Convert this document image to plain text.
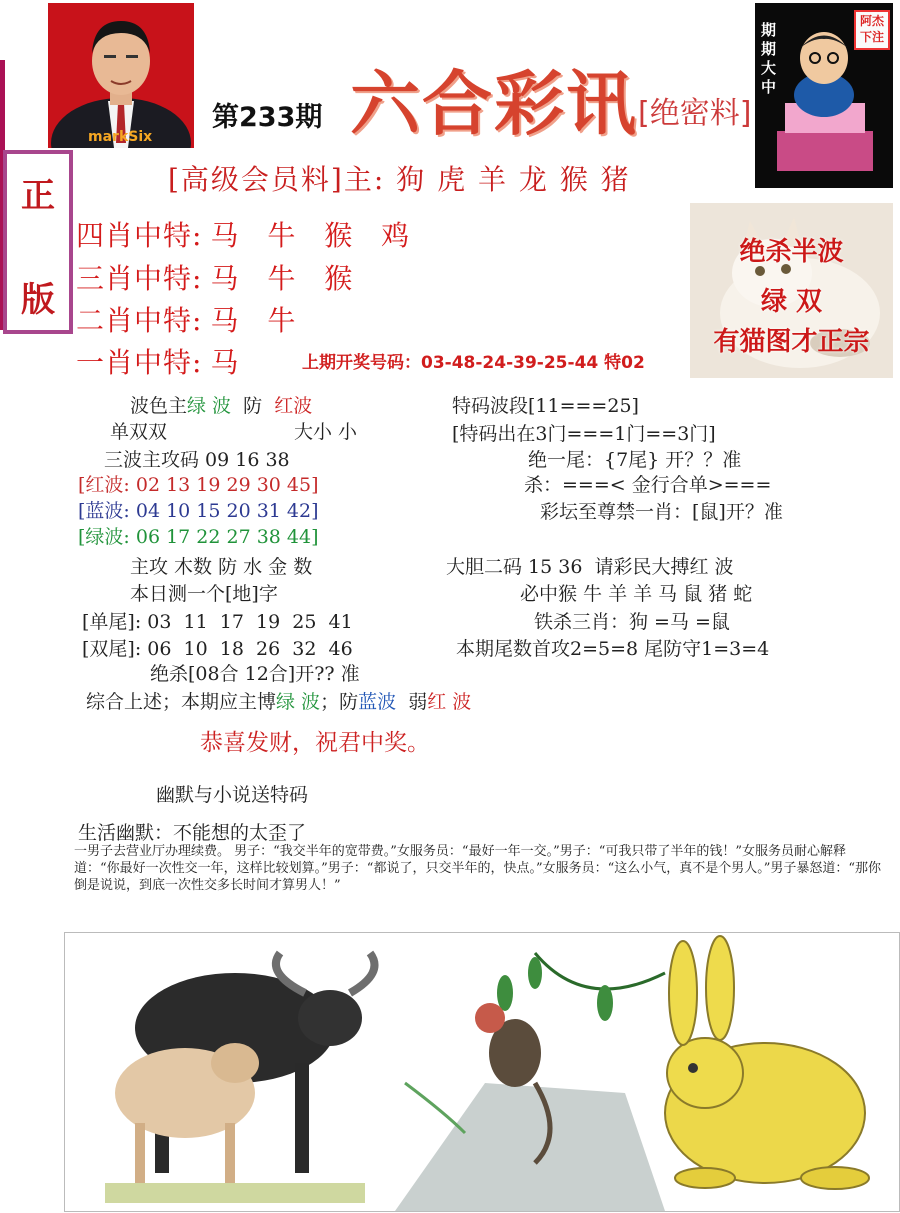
markSix
第233期 六合彩讯 [绝密料]
期期大中
阿杰下注
正
版
[高级会员料]主: 狗 虎 羊 龙 猴 猪
四肖中特: 马 牛 猴 鸡
三肖中特: 马 牛 猴
二肖中特: 马 牛
一肖中特: 马	上期开奖号码：03-48-24-39-25-44 特02
绝杀半波
绿 双
有猫图才正宗
波色主绿 波 防 红波
单双双	大小 小
三波主攻码 09 16 38
[红波: 02 13 19 29 30 45]
[蓝波: 04 10 15 20 31 42]
[绿波: 06 17 22 27 38 44]
主攻 木数 防 水 金 数
本日测一个[地]字
[单尾]: 03  11  17  19  25  41
[双尾]: 06  10  18  26  32  46
绝杀[08合 12合]开?? 准
特码波段[11===25]
[特码出在3门===1门==3门]
绝一尾：{7尾} 开？？准
杀：===< 金行合单>===
彩坛至尊禁一肖：[鼠]开？准
大胆二码 15 36  请彩民大搏红 波
必中猴 牛 羊 羊 马 鼠 猪 蛇
铁杀三肖：狗 =马 =鼠
本期尾数首攻2=5=8 尾防守1=3=4
综合上述；本期应主博绿 波；防蓝波 弱红 波
恭喜发财，祝君中奖。
幽默与小说送特码
生活幽默：不能想的太歪了
一男子去营业厅办理续费。 男子：“我交半年的宽带费。”女服务员：“最好一年一交。”男子：“可我只带了半年的钱！”女服务员耐心解释道：“你最好一次性交一年，这样比较划算。”男子：“都说了，只交半年的，快点。”女服务员：“这么小气，真不是个男人。”男子暴怒道：“那你倒是说说，到底一次性交多长时间才算男人！”
